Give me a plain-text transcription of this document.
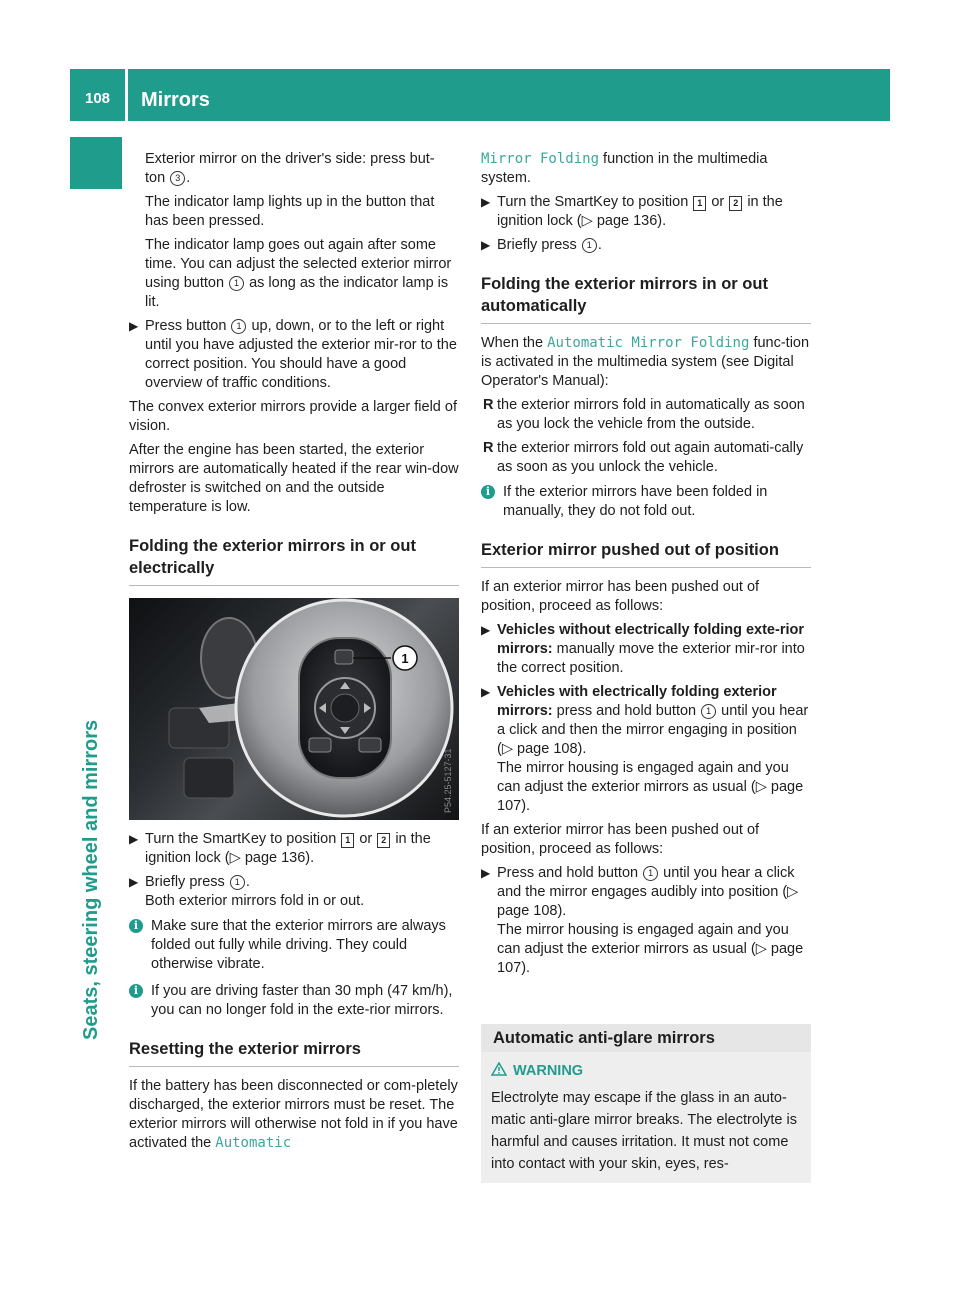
108	Mirrors
Seats, steering wheel and mirrors

Exterior mirror on the driver's side: press but-
ton 3 .

The indicator lamp lights up in the button that has been pressed.

The indicator lamp goes out again after some time. You can adjust the selected exterior mirror using button 1 as long as the indicator lamp is lit.

▶ Press button 1 up, down, or to the left or right until you have adjusted the exterior mir-ror to the correct position. You should have a good overview of traffic conditions.

The convex exterior mirrors provide a larger field of vision.

After the engine has been started, the exterior mirrors are automatically heated if the rear win-dow defroster is switched on and the outside temperature is low.

Folding the exterior mirrors in or out electrically
1
P54.25-5127-31
▶ Turn the SmartKey to position 1 or 2 in the ignition lock (▷ page 136).
▶ Briefly press 1 .
Both exterior mirrors fold in or out.
i Make sure that the exterior mirrors are always folded out fully while driving. They could otherwise vibrate.
i If you are driving faster than 30 mph (47 km/h), you can no longer fold in the exte-rior mirrors.
Resetting the exterior mirrors

If the battery has been disconnected or com-pletely discharged, the exterior mirrors must be reset. The exterior mirrors will otherwise not fold in if you have activated the Automatic

Mirror Folding function in the multimedia system.

▶ Turn the SmartKey to position 1 or 2 in the ignition lock (▷ page 136).
▶ Briefly press 1 .
Folding the exterior mirrors in or out automatically

When the Automatic Mirror Folding func-tion is activated in the multimedia system (see Digital Operator's Manual):

R the exterior mirrors fold in automatically as soon as you lock the vehicle from the outside.
R the exterior mirrors fold out again automati-cally as soon as you unlock the vehicle.
i If the exterior mirrors have been folded in manually, they do not fold out.
Exterior mirror pushed out of position

If an exterior mirror has been pushed out of position, proceed as follows:

▶ Vehicles without electrically folding exte-rior mirrors: manually move the exterior mir-ror into the correct position.
▶ Vehicles with electrically folding exterior mirrors: press and hold button 1 until you hear a click and then the mirror engaging in position (▷ page 108).
The mirror housing is engaged again and you can adjust the exterior mirrors as usual (▷ page 107).

If an exterior mirror has been pushed out of position, proceed as follows:

▶ Press and hold button 1 until you hear a click and the mirror engages audibly into position (▷ page 108).
The mirror housing is engaged again and you can adjust the exterior mirrors as usual (▷ page 107).
Automatic anti-glare mirrors
WARNING
Electrolyte may escape if the glass in an auto-matic anti-glare mirror breaks. The electrolyte is harmful and causes irritation. It must not come into contact with your skin, eyes, res-
